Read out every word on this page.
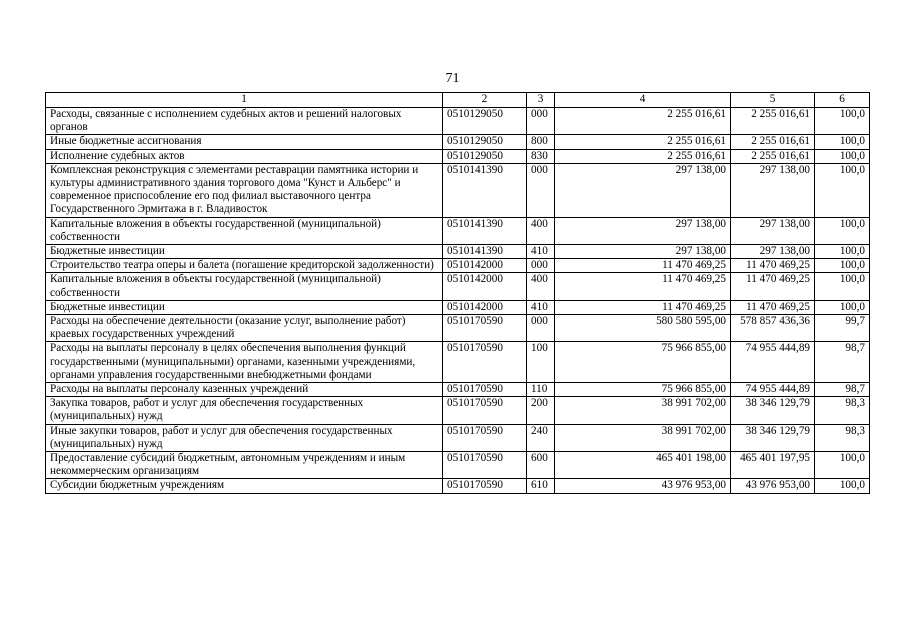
71
1	2	3	4	5	6
Расходы, связанные с исполнением судебных актов и решений налоговых органов	0510129050	000	2 255 016,61	2 255 016,61	100,0
Иные бюджетные ассигнования	0510129050	800	2 255 016,61	2 255 016,61	100,0
Исполнение судебных актов	0510129050	830	2 255 016,61	2 255 016,61	100,0
Комплексная реконструкция с элементами реставрации памятника истории и культуры административного здания торгового дома "Кунст и Альберс" и современное приспособление его под филиал выставочного центра Государственного Эрмитажа в г. Владивосток	0510141390	000	297 138,00	297 138,00	100,0
Капитальные вложения в объекты государственной (муниципальной) собственности	0510141390	400	297 138,00	297 138,00	100,0
Бюджетные инвестиции	0510141390	410	297 138,00	297 138,00	100,0
Строительство театра оперы и балета (погашение кредиторской задолженности)	0510142000	000	11 470 469,25	11 470 469,25	100,0
Капитальные вложения в объекты государственной (муниципальной) собственности	0510142000	400	11 470 469,25	11 470 469,25	100,0
Бюджетные инвестиции	0510142000	410	11 470 469,25	11 470 469,25	100,0
Расходы на обеспечение деятельности (оказание услуг, выполнение работ) краевых государственных учреждений	0510170590	000	580 580 595,00	578 857 436,36	99,7
Расходы на выплаты персоналу в целях обеспечения выполнения функций государственными (муниципальными) органами, казенными учреждениями, органами управления государственными внебюджетными фондами	0510170590	100	75 966 855,00	74 955 444,89	98,7
Расходы на выплаты персоналу казенных учреждений	0510170590	110	75 966 855,00	74 955 444,89	98,7
Закупка товаров, работ и услуг для обеспечения государственных (муниципальных) нужд	0510170590	200	38 991 702,00	38 346 129,79	98,3
Иные закупки товаров, работ и услуг для обеспечения государственных (муниципальных) нужд	0510170590	240	38 991 702,00	38 346 129,79	98,3
Предоставление субсидий бюджетным, автономным учреждениям и иным некоммерческим организациям	0510170590	600	465 401 198,00	465 401 197,95	100,0
Субсидии бюджетным учреждениям	0510170590	610	43 976 953,00	43 976 953,00	100,0
